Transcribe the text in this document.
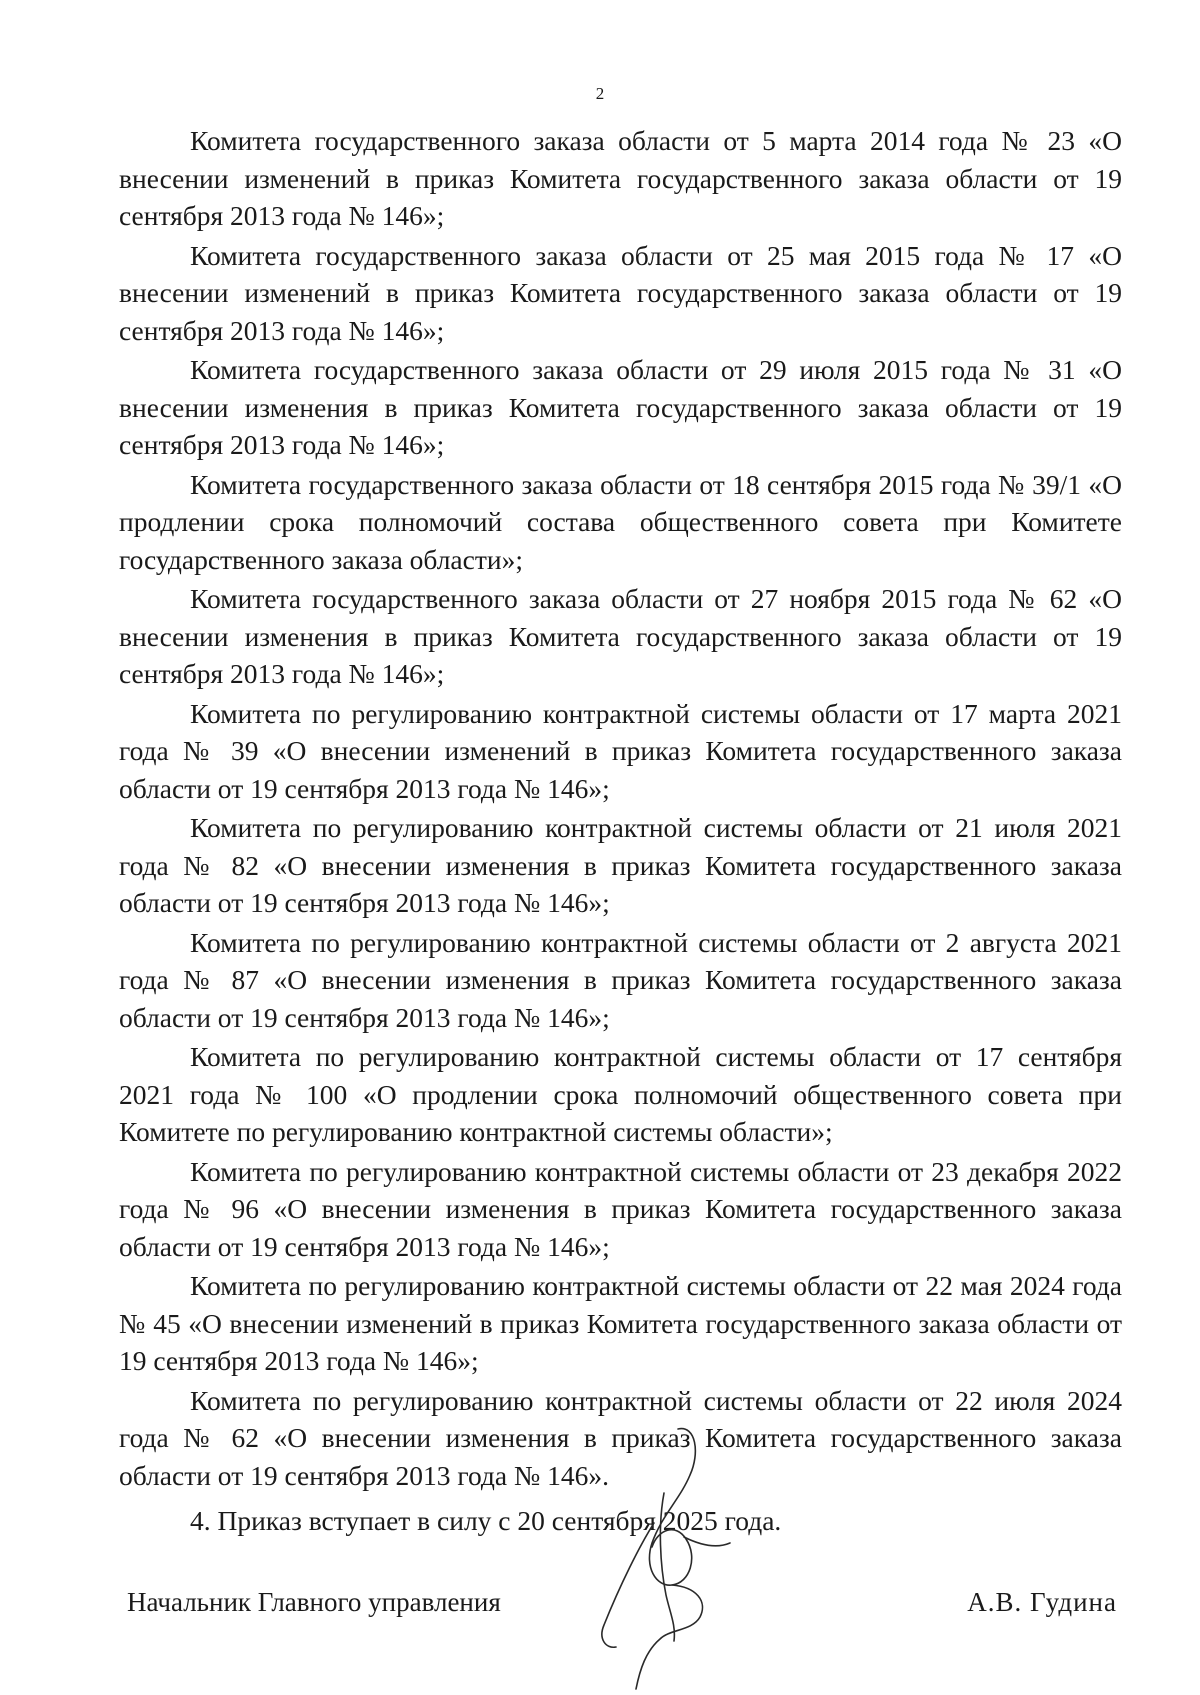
2

Комитета государственного заказа области от 5 марта 2014 года № 23 «О внесении изменений в приказ Комитета государственного заказа области от 19 сентября 2013 года № 146»;

Комитета государственного заказа области от 25 мая 2015 года № 17 «О внесении изменений в приказ Комитета государственного заказа области от 19 сентября 2013 года № 146»;

Комитета государственного заказа области от 29 июля 2015 года № 31 «О внесении изменения в приказ Комитета государственного заказа области от 19 сентября 2013 года № 146»;

Комитета государственного заказа области от 18 сентября 2015 года № 39/1 «О продлении срока полномочий состава общественного совета при Комитете государственного заказа области»;

Комитета государственного заказа области от 27 ноября 2015 года № 62 «О внесении изменения в приказ Комитета государственного заказа области от 19 сентября 2013 года № 146»;

Комитета по регулированию контрактной системы области от 17 марта 2021 года № 39 «О внесении изменений в приказ Комитета государственного заказа области от 19 сентября 2013 года № 146»;

Комитета по регулированию контрактной системы области от 21 июля 2021 года № 82 «О внесении изменения в приказ Комитета государственного заказа области от 19 сентября 2013 года № 146»;

Комитета по регулированию контрактной системы области от 2 августа 2021 года № 87 «О внесении изменения в приказ Комитета государственного заказа области от 19 сентября 2013 года № 146»;

Комитета по регулированию контрактной системы области от 17 сентября 2021 года № 100 «О продлении срока полномочий общественного совета при Комитете по регулированию контрактной системы области»;

Комитета по регулированию контрактной системы области от 23 декабря 2022 года № 96 «О внесении изменения в приказ Комитета государственного заказа области от 19 сентября 2013 года № 146»;

Комитета по регулированию контрактной системы области от 22 мая 2024 года № 45 «О внесении изменений в приказ Комитета государственного заказа области от 19 сентября 2013 года № 146»;

Комитета по регулированию контрактной системы области от 22 июля 2024 года № 62 «О внесении изменения в приказ Комитета государственного заказа области от 19 сентября 2013 года № 146».

4. Приказ вступает в силу с 20 сентября 2025 года.

Начальник Главного управления	А.В. Гудина
